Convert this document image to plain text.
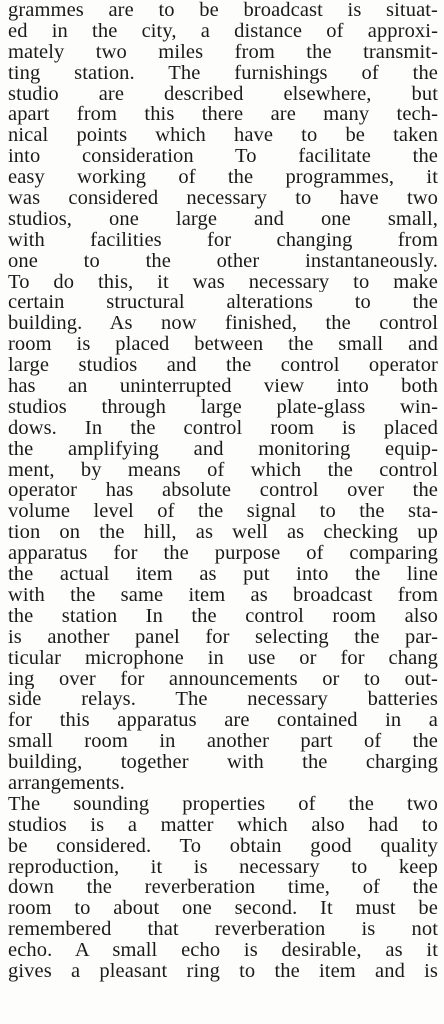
grammes are to be broadcast is situat-
ed in the city, a distance of approxi-
mately two miles from the transmit-
ting station. The furnishings of the
studio are described elsewhere, but
apart from this there are many tech-
nical points which have to be taken
into consideration To facilitate the
easy working of the programmes, it
was considered necessary to have two
studios, one large and one small,
with facilities for changing from
one to the other instantaneously.
To do this, it was necessary to make
certain structural alterations to the
building. As now finished, the control
room is placed between the small and
large studios and the control operator
has an uninterrupted view into both
studios through large plate-glass win-
dows. In the control room is placed
the amplifying and monitoring equip-
ment, by means of which the control
operator has absolute control over the
volume level of the signal to the sta-
tion on the hill, as well as checking up
apparatus for the purpose of comparing
the actual item as put into the line
with the same item as broadcast from
the station In the control room also
is another panel for selecting the par-
ticular microphone in use or for chang
ing over for announcements or to out-
side relays. The necessary batteries
for this apparatus are contained in a
small room in another part of the
building, together with the charging
arrangements.
The sounding properties of the two
studios is a matter which also had to
be considered. To obtain good quality
reproduction, it is necessary to keep
down the reverberation time, of the
room to about one second. It must be
remembered that reverberation is not
echo. A small echo is desirable, as it
gives a pleasant ring to the item and is
